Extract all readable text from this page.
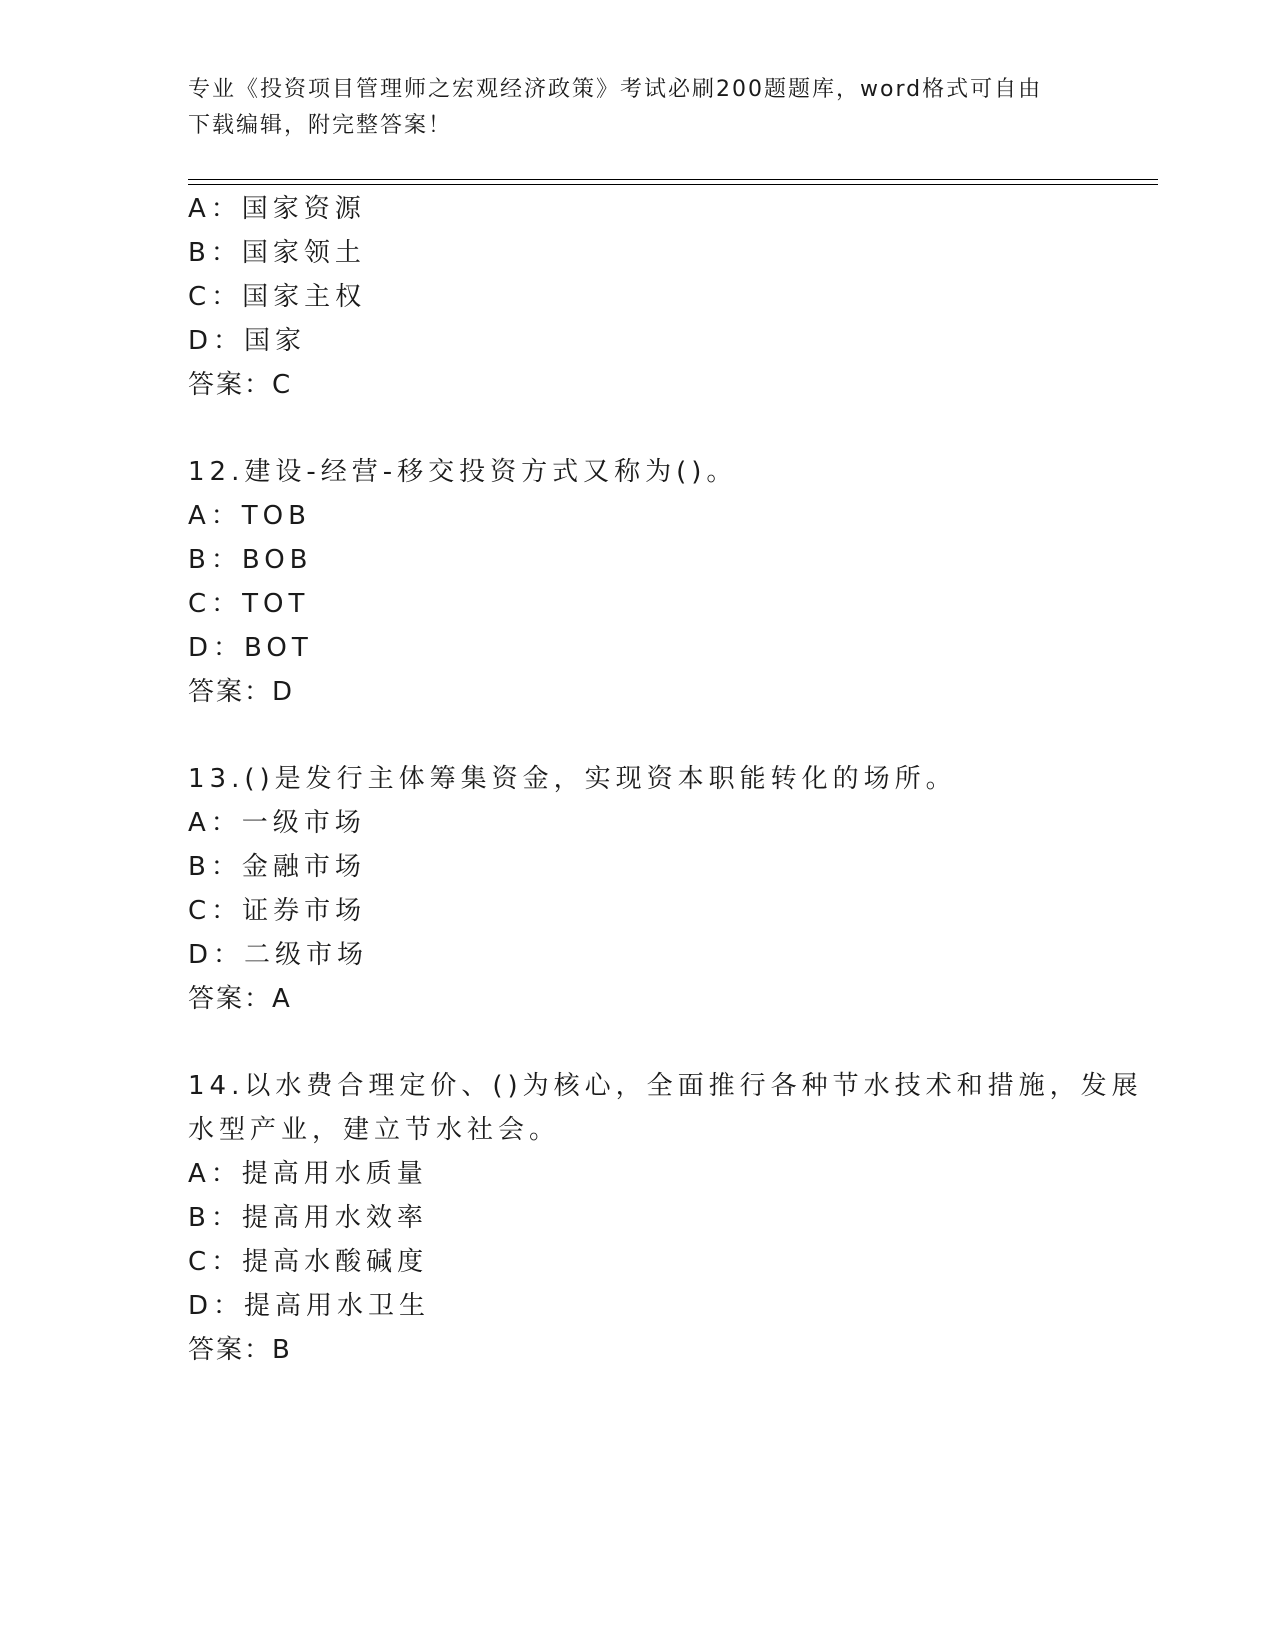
专业《投资项目管理师之宏观经济政策》考试必刷200题题库，word格式可自由
下载编辑，附完整答案！
A：国家资源
B：国家领土
C：国家主权
D：国家
答案：C
12.建设-经营-移交投资方式又称为()。
A：TOB
B：BOB
C：TOT
D：BOT
答案：D
13.()是发行主体筹集资金，实现资本职能转化的场所。
A：一级市场
B：金融市场
C：证券市场
D：二级市场
答案：A
14.以水费合理定价、()为核心，全面推行各种节水技术和措施，发展
水型产业，建立节水社会。
A：提高用水质量
B：提高用水效率
C：提高水酸碱度
D：提高用水卫生
答案：B
